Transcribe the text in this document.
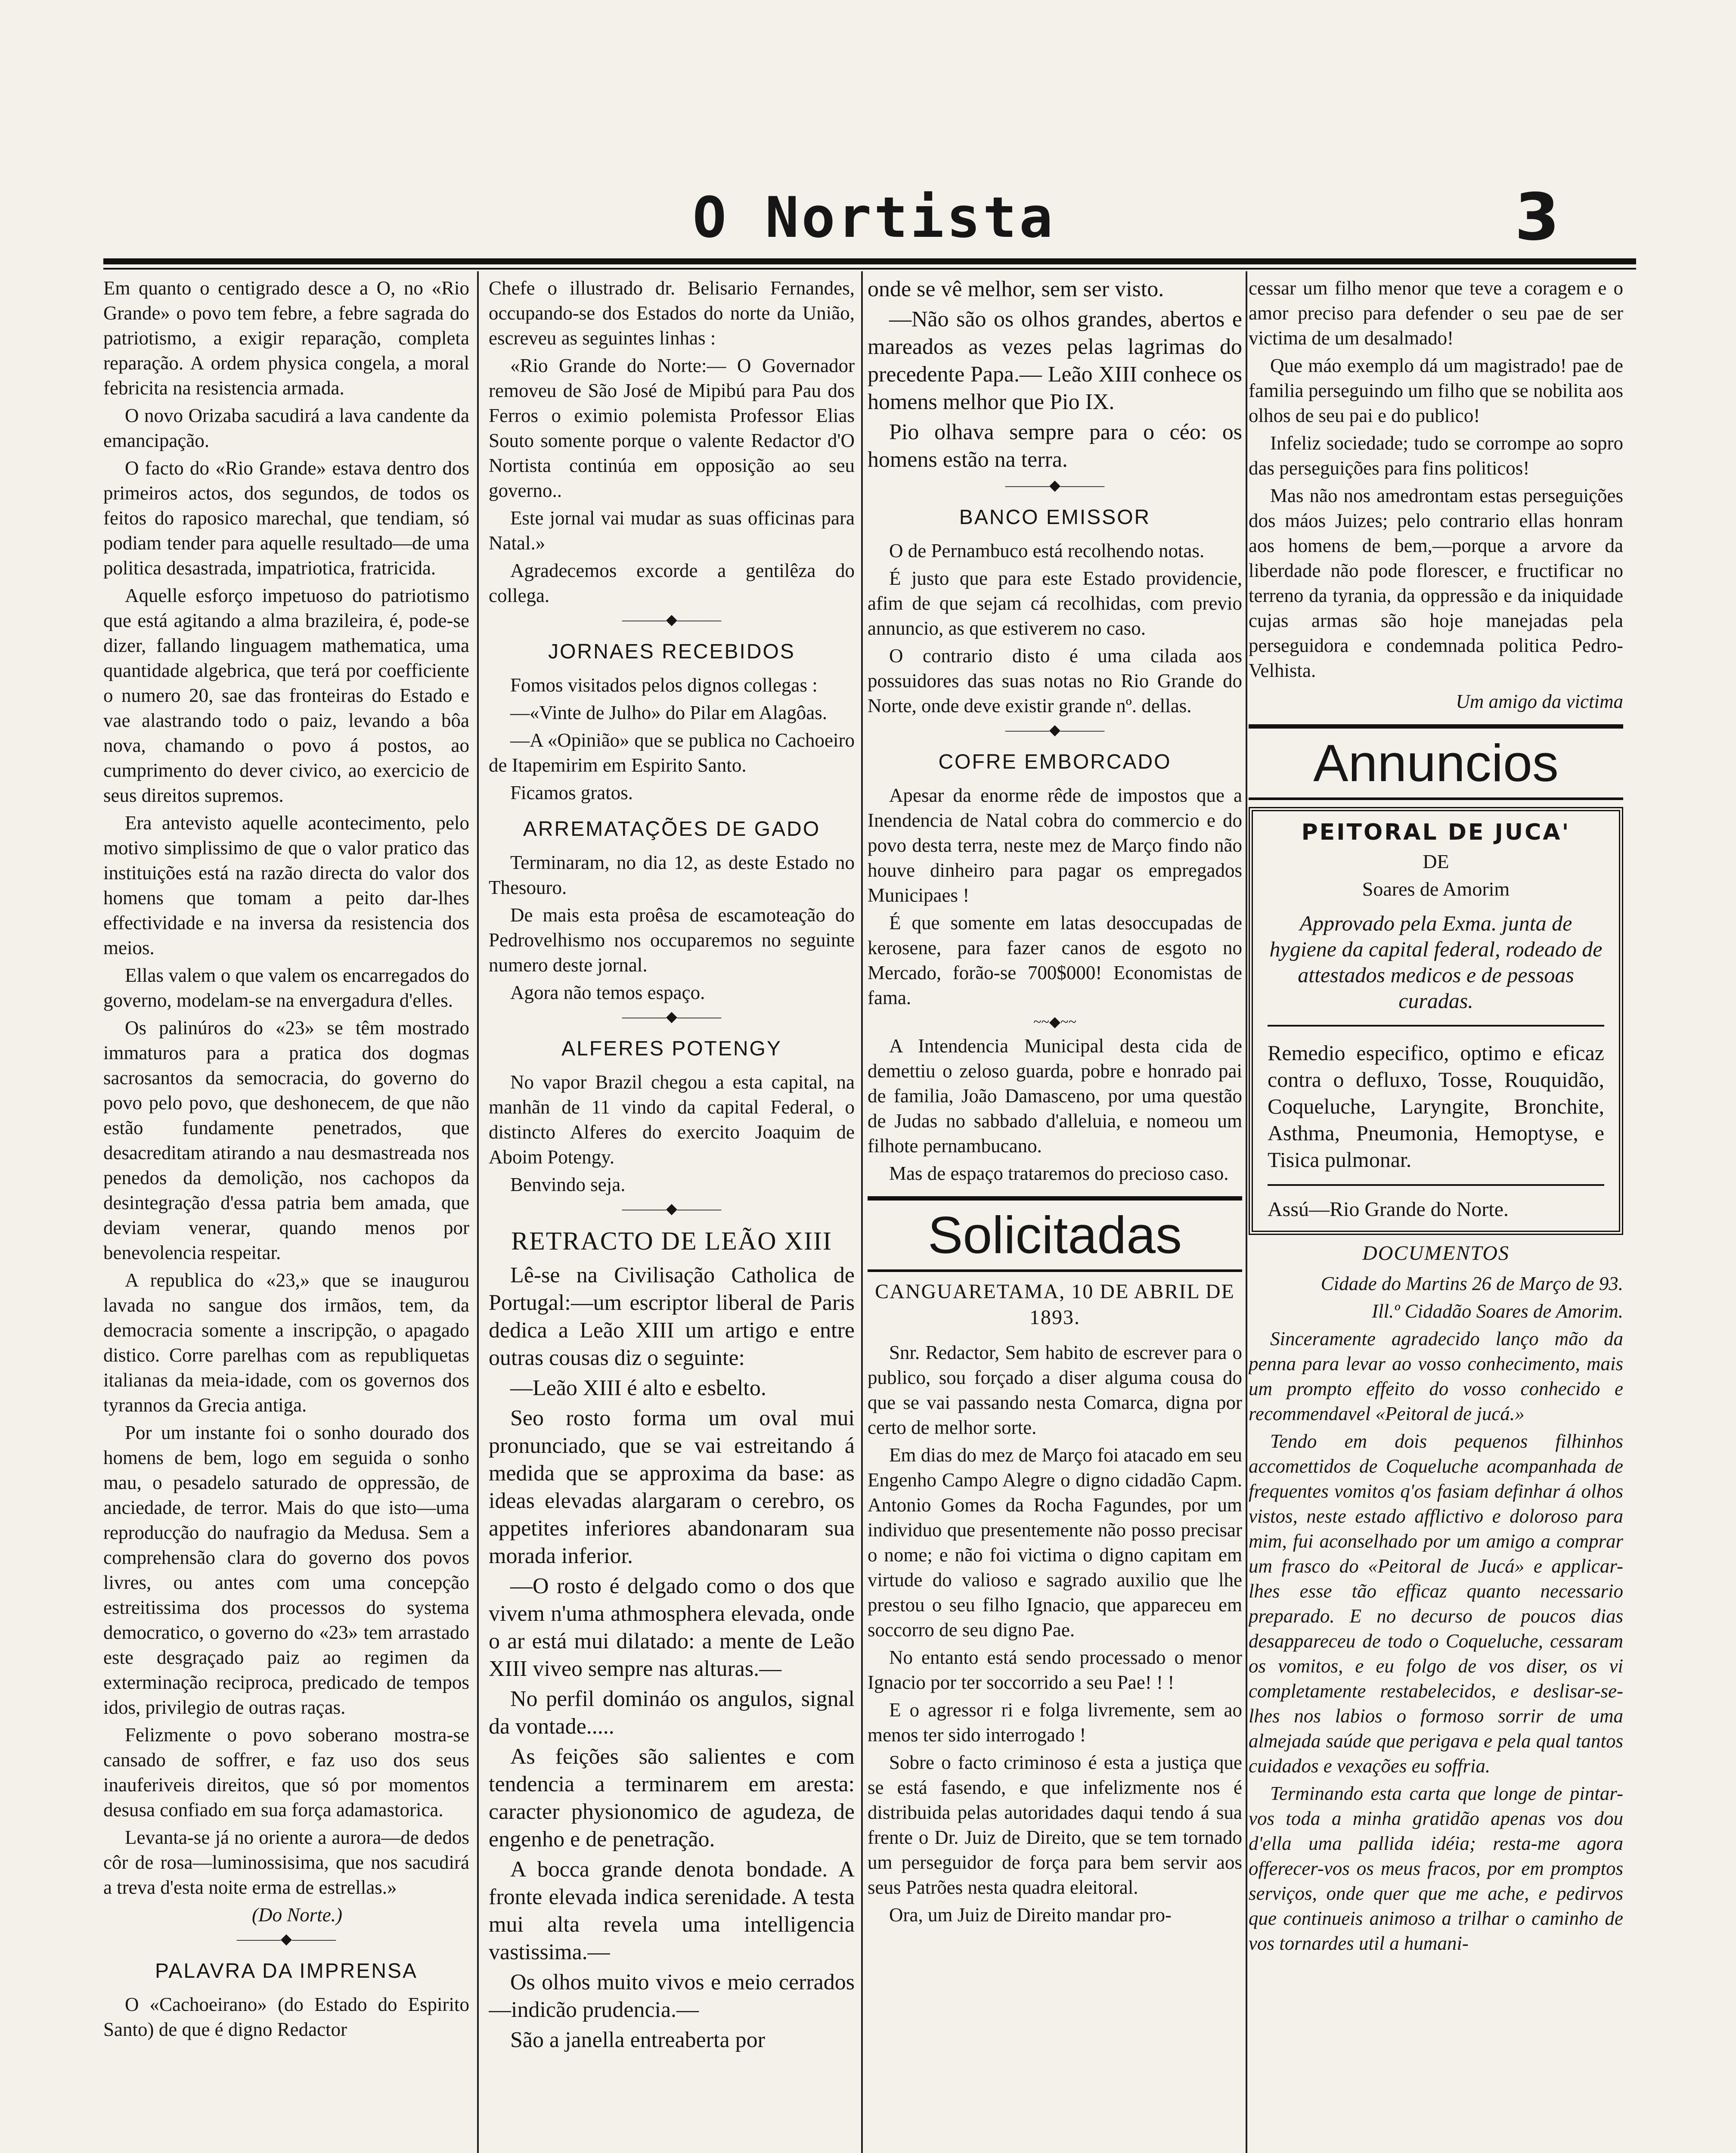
O Nortista	3

Em quanto o centigrado desce a O, no «Rio Grande» o povo tem febre, a febre sagrada do patriotismo, a exigir reparação, completa reparação. A ordem physica congela, a moral febricita na resistencia armada.

O novo Orizaba sacudirá a lava candente da emancipação.

O facto do «Rio Grande» estava dentro dos primeiros actos, dos segundos, de todos os feitos do raposico marechal, que tendiam, só podiam tender para aquelle resultado—de uma politica desastrada, impatriotica, fratricida.

Aquelle esforço impetuoso do patriotismo que está agitando a alma brazileira, é, pode-se dizer, fallando linguagem mathematica, uma quantidade algebrica, que terá por coefficiente o numero 20, sae das fronteiras do Estado e vae alastrando todo o paiz, levando a bôa nova, chamando o povo á postos, ao cumprimento do dever civico, ao exercicio de seus direitos supremos.

Era antevisto aquelle acontecimento, pelo motivo simplissimo de que o valor pratico das instituições está na razão directa do valor dos homens que tomam a peito dar-lhes effectividade e na inversa da resistencia dos meios.

Ellas valem o que valem os encarregados do governo, modelam-se na envergadura d'elles.

Os palinúros do «23» se têm mostrado immaturos para a pratica dos dogmas sacrosantos da semocracia, do governo do povo pelo povo, que deshonecem, de que não estão fundamente penetrados, que desacreditam atirando a nau desmastreada nos penedos da demolição, nos cachopos da desintegração d'essa patria bem amada, que deviam venerar, quando menos por benevolencia respeitar.

A republica do «23,» que se inaugurou lavada no sangue dos irmãos, tem, da democracia somente a inscripção, o apagado distico. Corre parelhas com as republiquetas italianas da meia-idade, com os governos dos tyrannos da Grecia antiga.

Por um instante foi o sonho dourado dos homens de bem, logo em seguida o sonho mau, o pesadelo saturado de oppressão, de anciedade, de terror. Mais do que isto—uma reproducção do naufragio da Medusa. Sem a comprehensão clara do governo dos povos livres, ou antes com uma concepção estreitissima dos processos do systema democratico, o governo do «23» tem arrastado este desgraçado paiz ao regimen da exterminação reciproca, predicado de tempos idos, privilegio de outras raças.

Felizmente o povo soberano mostra-se cansado de soffrer, e faz uso dos seus inauferiveis direitos, que só por momentos desusa confiado em sua força adamastorica.

Levanta-se já no oriente a aurora—de dedos côr de rosa—luminossisima, que nos sacudirá a treva d'esta noite erma de estrellas.»

(Do Norte.)

———◆———
PALAVRA DA IMPRENSA

O «Cachoeirano» (do Estado do Espirito Santo) de que é digno Redactor

Chefe o illustrado dr. Belisario Fernandes, occupando-se dos Estados do norte da União, escreveu as seguintes linhas :

«Rio Grande do Norte:— O Governador removeu de São José de Mipibú para Pau dos Ferros o eximio polemista Professor Elias Souto somente porque o valente Redactor d'O Nortista continúa em opposição ao seu governo..

Este jornal vai mudar as suas officinas para Natal.»

Agradecemos excorde a gentilêza do collega.

———◆———
JORNAES RECEBIDOS

Fomos visitados pelos dignos collegas :

—«Vinte de Julho» do Pilar em Alagôas.

—A «Opinião» que se publica no Cachoeiro de Itapemirim em Espirito Santo.

Ficamos gratos.

ARREMATAÇÕES DE GADO

Terminaram, no dia 12, as deste Estado no Thesouro.

De mais esta proêsa de escamoteação do Pedrovelhismo nos occuparemos no seguinte numero deste jornal.

Agora não temos espaço.

———◆———
ALFERES POTENGY

No vapor Brazil chegou a esta capital, na manhãn de 11 vindo da capital Federal, o distincto Alferes do exercito Joaquim de Aboim Potengy.

Benvindo seja.

———◆———
RETRACTO DE LEÃO XIII

Lê-se na Civilisação Catholica de Portugal:—um escriptor liberal de Paris dedica a Leão XIII um artigo e entre outras cousas diz o seguinte:

—Leão XIII é alto e esbelto.

Seo rosto forma um oval mui pronunciado, que se vai estreitando á medida que se approxima da base: as ideas elevadas alargaram o cerebro, os appetites inferiores abandonaram sua morada inferior.

—O rosto é delgado como o dos que vivem n'uma athmosphera elevada, onde o ar está mui dilatado: a mente de Leão XIII viveo sempre nas alturas.—

No perfil domináo os angulos, signal da vontade.....

As feições são salientes e com tendencia a terminarem em aresta: caracter physionomico de agudeza, de engenho e de penetração.

A bocca grande denota bondade. A fronte elevada indica serenidade. A testa mui alta revela uma intelligencia vastissima.—

Os olhos muito vivos e meio cerrados—indicão prudencia.—

São a janella entreaberta por

onde se vê melhor, sem ser visto.

—Não são os olhos grandes, abertos e mareados as vezes pelas lagrimas do precedente Papa.— Leão XIII conhece os homens melhor que Pio IX.

Pio olhava sempre para o céo: os homens estão na terra.

———◆———
BANCO EMISSOR

O de Pernambuco está recolhendo notas.

É justo que para este Estado providencie, afim de que sejam cá recolhidas, com previo annuncio, as que estiverem no caso.

O contrario disto é uma cilada aos possuidores das suas notas no Rio Grande do Norte, onde deve existir grande nº. dellas.

———◆———
COFRE EMBORCADO

Apesar da enorme rêde de impostos que a Inendencia de Natal cobra do commercio e do povo desta terra, neste mez de Março findo não houve dinheiro para pagar os empregados Municipaes !

É que somente em latas desoccupadas de kerosene, para fazer canos de esgoto no Mercado, forão-se 700$000! Economistas de fama.

~~◆~~

A Intendencia Municipal desta cida de demettiu o zeloso guarda, pobre e honrado pai de familia, João Damasceno, por uma questão de Judas no sabbado d'alleluia, e nomeou um filhote pernambucano.

Mas de espaço trataremos do precioso caso.

Solicitadas
CANGUARETAMA, 10 DE ABRIL DE 1893.

Snr. Redactor, Sem habito de escrever para o publico, sou forçado a diser alguma cousa do que se vai passando nesta Comarca, digna por certo de melhor sorte.

Em dias do mez de Março foi atacado em seu Engenho Campo Alegre o digno cidadão Capm. Antonio Gomes da Rocha Fagundes, por um individuo que presentemente não posso precisar o nome; e não foi victima o digno capitam em virtude do valioso e sagrado auxilio que lhe prestou o seu filho Ignacio, que appareceu em soccorro de seu digno Pae.

No entanto está sendo processado o menor Ignacio por ter soccorrido a seu Pae! ! !

E o agressor ri e folga livremente, sem ao menos ter sido interrogado !

Sobre o facto criminoso é esta a justiça que se está fasendo, e que infelizmente nos é distribuida pelas autoridades daqui tendo á sua frente o Dr. Juiz de Direito, que se tem tornado um perseguidor de força para bem servir aos seus Patrões nesta quadra eleitoral.

Ora, um Juiz de Direito mandar pro-

cessar um filho menor que teve a coragem e o amor preciso para defender o seu pae de ser victima de um desalmado!

Que máo exemplo dá um magistrado! pae de familia perseguindo um filho que se nobilita aos olhos de seu pai e do publico!

Infeliz sociedade; tudo se corrompe ao sopro das perseguições para fins politicos!

Mas não nos amedrontam estas perseguições dos máos Juizes; pelo contrario ellas honram aos homens de bem,—porque a arvore da liberdade não pode florescer, e fructificar no terreno da tyrania, da oppressão e da iniquidade cujas armas são hoje manejadas pela perseguidora e condemnada politica Pedro-Velhista.

Um amigo da victima
Annuncios
PEITORAL DE JUCA'
DE
Soares de Amorim
Approvado pela Exma. junta de hygiene da capital federal, rodeado de attestados medicos e de pessoas curadas.
Remedio especifico, optimo e eficaz contra o defluxo, Tosse, Rouquidão, Coqueluche, Laryngite, Bronchite, Asthma, Pneumonia, Hemoptyse, e Tisica pulmonar.
Assú—Rio Grande do Norte.
DOCUMENTOS

Cidade do Martins 26 de Março de 93.

Ill.º Cidadão Soares de Amorim.

Sinceramente agradecido lanço mão da penna para levar ao vosso conhecimento, mais um prompto effeito do vosso conhecido e recommendavel «Peitoral de jucá.»

Tendo em dois pequenos filhinhos accomettidos de Coqueluche acompanhada de frequentes vomitos q'os fasiam definhar á olhos vistos, neste estado afflictivo e doloroso para mim, fui aconselhado por um amigo a comprar um frasco do «Peitoral de Jucá» e applicar-lhes esse tão efficaz quanto necessario preparado. E no decurso de poucos dias desappareceu de todo o Coqueluche, cessaram os vomitos, e eu folgo de vos diser, os vi completamente restabelecidos, e deslisar-se-lhes nos labios o formoso sorrir de uma almejada saúde que perigava e pela qual tantos cuidados e vexações eu soffria.

Terminando esta carta que longe de pintar-vos toda a minha gratidão apenas vos dou d'ella uma pallida idéia; resta-me agora offerecer-vos os meus fracos, por em promptos serviços, onde quer que me ache, e pedirvos que continueis animoso a trilhar o caminho de vos tornardes util a humani-
